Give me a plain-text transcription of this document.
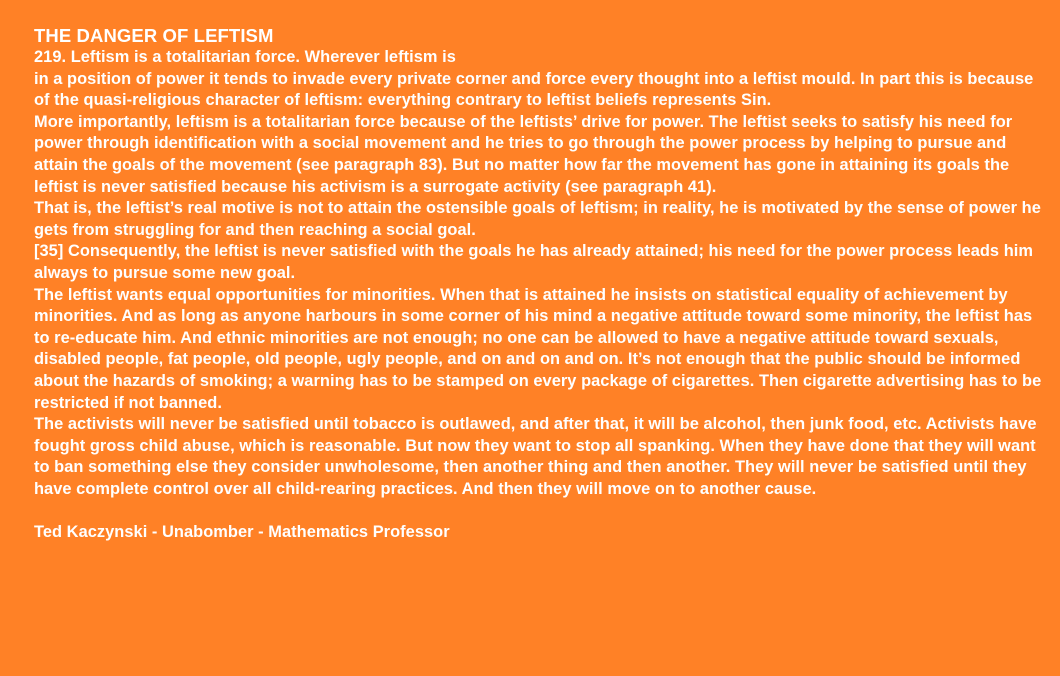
THE DANGER OF LEFTISM
219. Leftism is a totalitarian force. Wherever leftism is
in a position of power it tends to invade every private corner and force every thought into a leftist mould. In part this is because of the quasi-religious character of leftism: everything contrary to leftist beliefs represents Sin.
More importantly, leftism is a totalitarian force because of the leftists’ drive for power. The leftist seeks to satisfy his need for power through identification with a social movement and he tries to go through the power process by helping to pursue and attain the goals of the movement (see paragraph 83). But no matter how far the movement has gone in attaining its goals the leftist is never satisfied because his activism is a surrogate activity (see paragraph 41).
That is, the leftist’s real motive is not to attain the ostensible goals of leftism; in reality, he is motivated by the sense of power he gets from struggling for and then reaching a social goal.
[35] Consequently, the leftist is never satisfied with the goals he has already attained; his need for the power process leads him always to pursue some new goal.
The leftist wants equal opportunities for minorities. When that is attained he insists on statistical equality of achievement by minorities. And as long as anyone harbours in some corner of his mind a negative attitude toward some minority, the leftist has to re-educate him. And ethnic minorities are not enough; no one can be allowed to have a negative attitude toward sexuals, disabled people, fat people, old people, ugly people, and on and on and on. It’s not enough that the public should be informed about the hazards of smoking; a warning has to be stamped on every package of cigarettes. Then cigarette advertising has to be restricted if not banned.
The activists will never be satisfied until tobacco is outlawed, and after that, it will be alcohol, then junk food, etc. Activists have fought gross child abuse, which is reasonable. But now they want to stop all spanking. When they have done that they will want to ban something else they consider unwholesome, then another thing and then another. They will never be satisfied until they have complete control over all child-rearing practices. And then they will move on to another cause.
Ted Kaczynski - Unabomber - Mathematics Professor
